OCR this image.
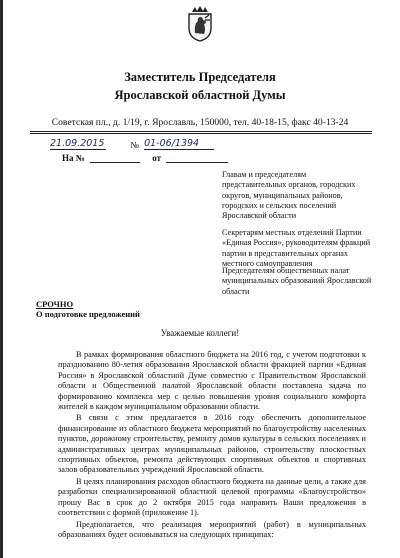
Заместитель Председателя
Ярославской областной Думы
Советская пл., д. 1/19, г. Ярославль, 150000, тел. 40-18-15, факс 40-13-24
21.09.2015	№ 01-06/1394
На №	от
Главам и председателям представительных органов, городских округов, муниципальных районов, городских и сельских поселений Ярославской области
Секретарям местных отделений Партии «Единая Россия», руководителям фракций партии в представительных органах местного самоуправления
Председателям общественных палат муниципальных образований Ярославской области
СРОЧНО
О подготовке предложений
Уважаемые коллеги!

В рамках формирования областного бюджета на 2016 год, с учетом подготовки к празднованию 80-летия образования Ярославской области фракцией партии «Единая Россия» в Ярославской областной Думе совместно с Правительством Ярославской области и Общественной палатой Ярославской области поставлена задача по формированию комплекса мер с целью повышения уровня социального комфорта жителей в каждом муниципальном образовании области.

В связи с этим предлагается в 2016 году обеспечить дополнительное финансирование из областного бюджета мероприятий по благоустройству населенных пунктов, дорожному строительству, ремонту домов культуры в сельских поселениях и административных центрах муниципальных районов, строительству плоскостных спортивных объектов, ремонта действующих спортивных объектов и спортивных залов образовательных учреждений Ярославской области.

В целях планирования расходов областного бюджета на данные цели, а также для разработки специализированной областной целевой программы «Благоустройство» прошу Вас в срок до 2 октября 2015 года направить Ваши предложения в соответствии с формой (приложение 1).

Предполагается, что реализация мероприятий (работ) в муниципальных образованиях будет основываться на следующих принципах:
